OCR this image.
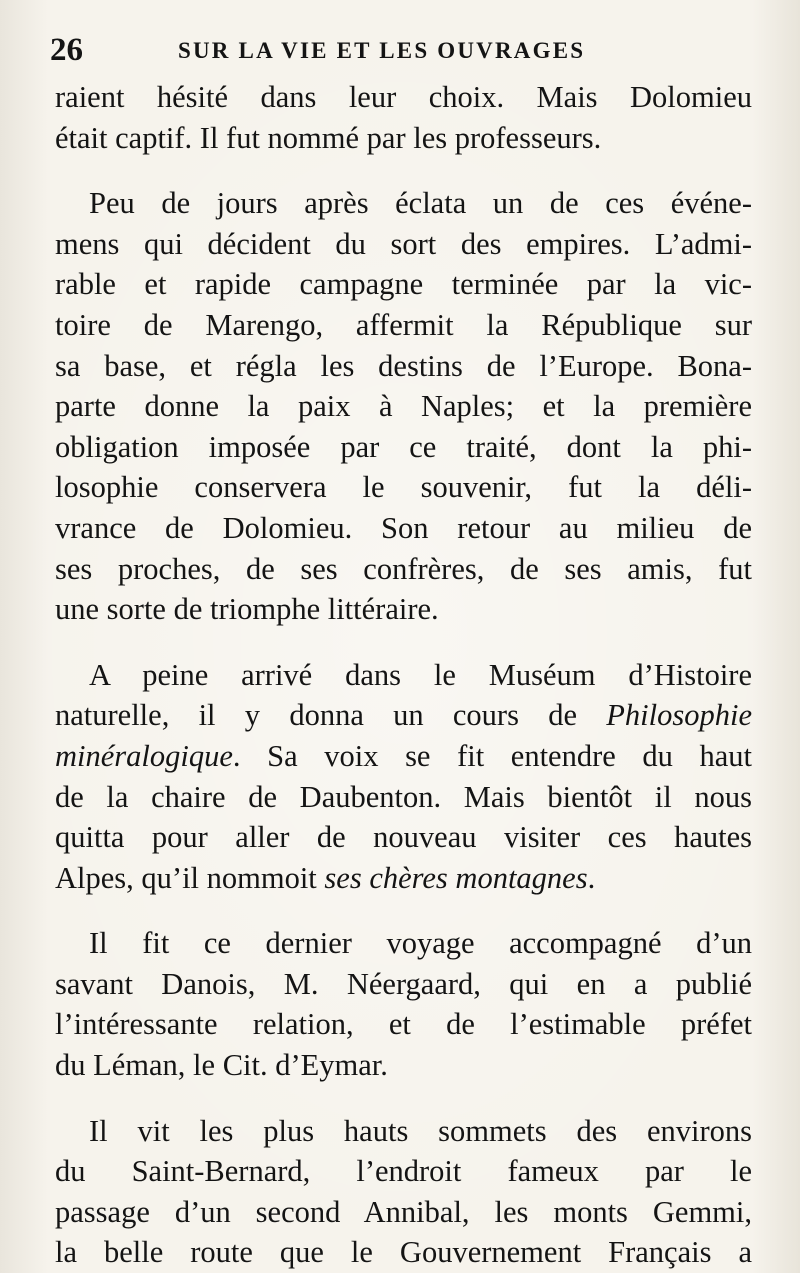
26	SUR LA VIE ET LES OUVRAGES
raient hésité dans leur choix. Mais Dolomieu
était captif. Il fut nommé par les professeurs.
Peu de jours après éclata un de ces événe-
mens qui décident du sort des empires. L’admi-
rable et rapide campagne terminée par la vic-
toire de Marengo, affermit la République sur
sa base, et régla les destins de l’Europe. Bona-
parte donne la paix à Naples; et la première
obligation imposée par ce traité, dont la phi-
losophie conservera le souvenir, fut la déli-
vrance de Dolomieu. Son retour au milieu de
ses proches, de ses confrères, de ses amis, fut
une sorte de triomphe littéraire.
A peine arrivé dans le Muséum d’Histoire
naturelle, il y donna un cours de Philosophie
minéralogique. Sa voix se fit entendre du haut
de la chaire de Daubenton. Mais bientôt il nous
quitta pour aller de nouveau visiter ces hautes
Alpes, qu’il nommoit ses chères montagnes.
Il fit ce dernier voyage accompagné d’un
savant Danois, M. Néergaard, qui en a publié
l’intéressante relation, et de l’estimable préfet
du Léman, le Cit. d’Eymar.
Il vit les plus hauts sommets des environs
du Saint-Bernard, l’endroit fameux par le
passage d’un second Annibal, les monts Gemmi,
la belle route que le Gouvernement Français a
